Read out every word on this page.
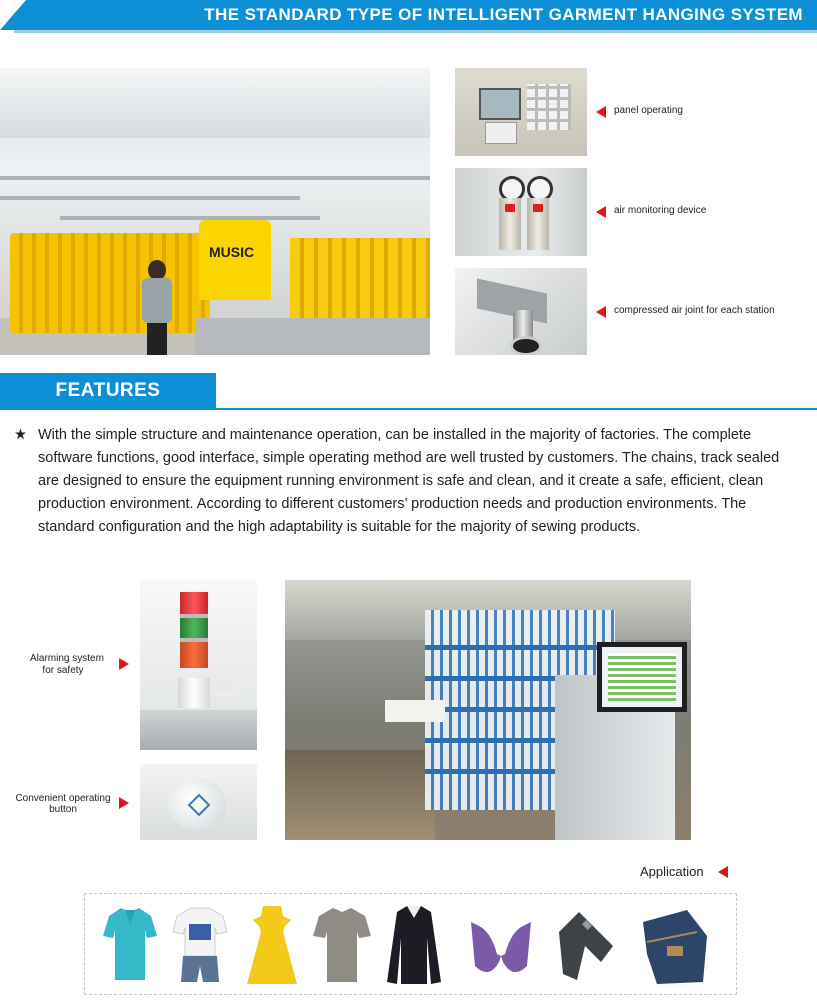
THE STANDARD TYPE OF INTELLIGENT GARMENT HANGING SYSTEM
MUSIC
panel operating
air monitoring device
compressed air joint for each station
FEATURES

★ With the simple structure and maintenance operation, can be installed in the majority of factories. The complete software functions, good interface, simple operating method are well trusted by customers. The chains, track sealed are designed to ensure the equipment running environment is safe and clean, and it create a safe, efficient, clean production environment. According to different customers’ production needs and production environments. The standard configuration and the high adaptability is suitable for the majority of sewing products.

Alarming system
for safety
Convenient operating
button
Application
